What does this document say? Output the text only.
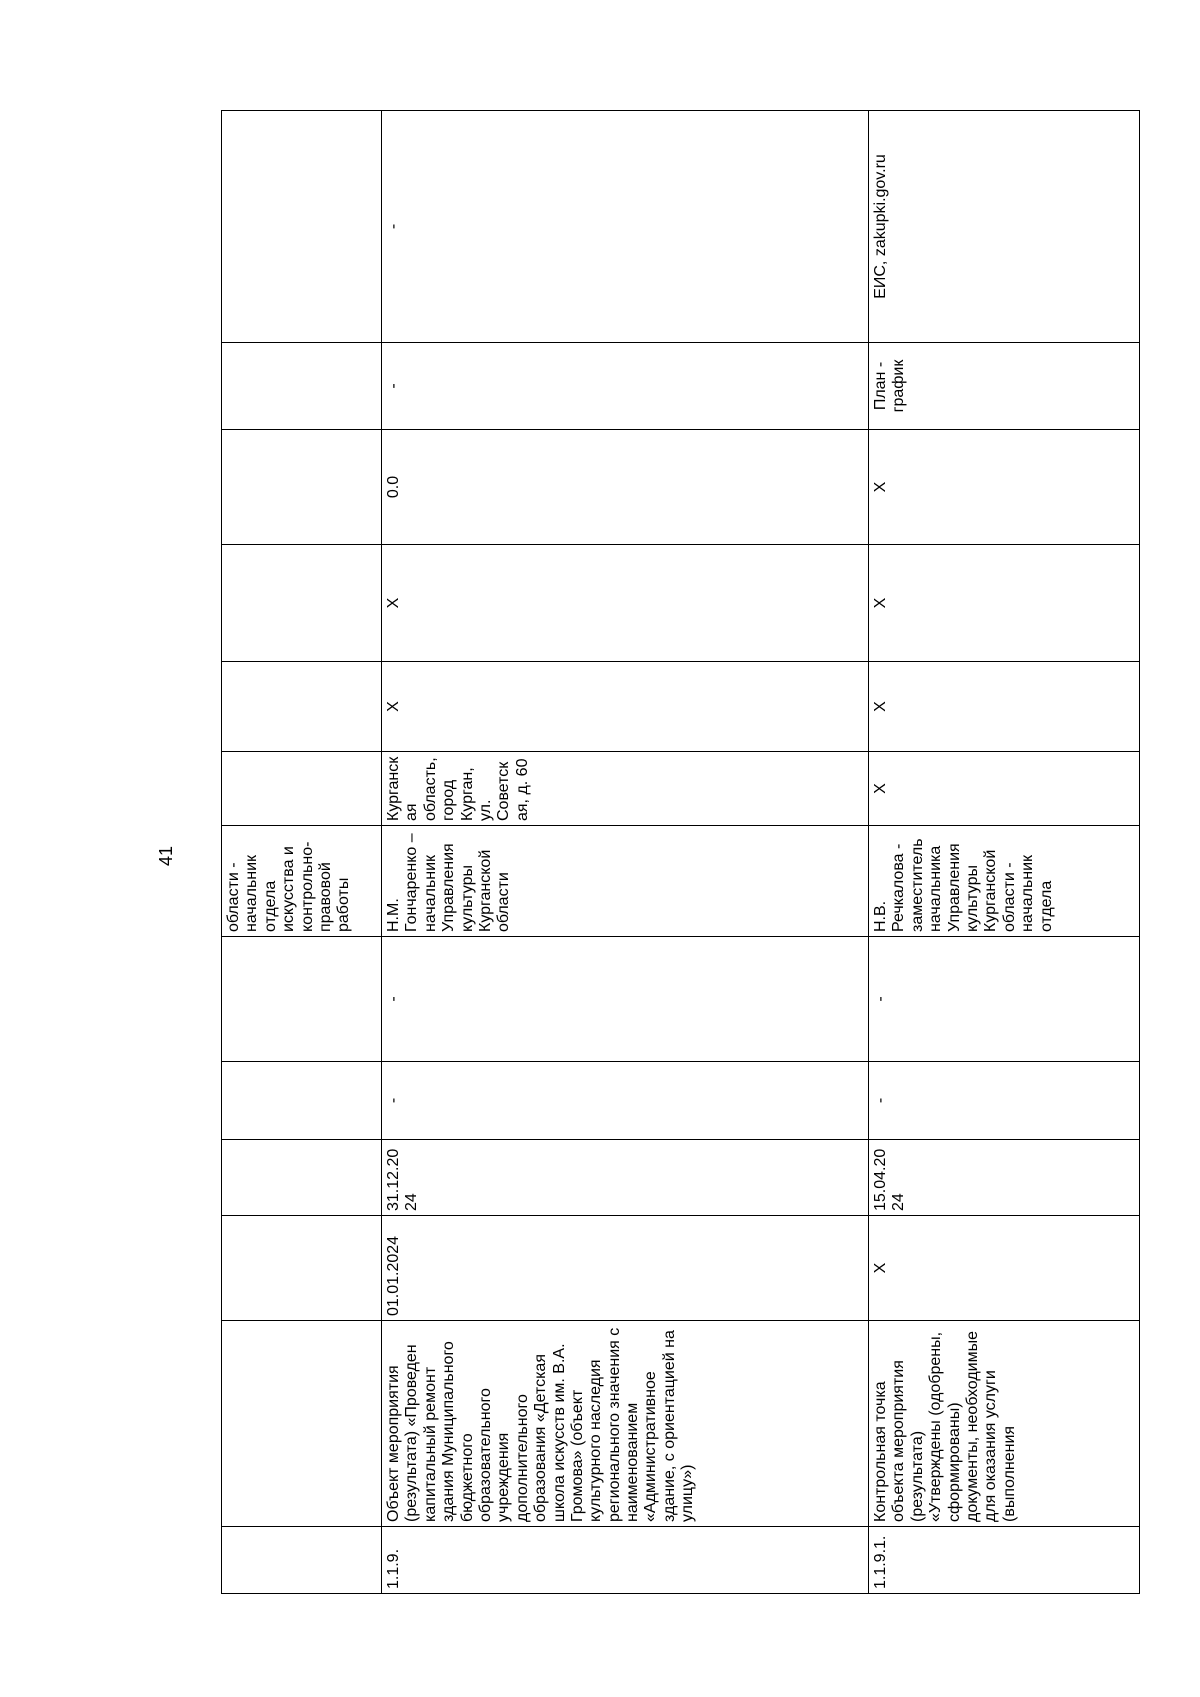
41
						области - начальник отдела искусства и контрольно-правовой работы						
1.1.9.	Объект мероприятия (результата) «Проведен капитальный ремонт здания Муниципального бюджетного образовательного учреждения дополнительного образования «Детская школа искусств им. В.А. Громова» (объект культурного наследия регионального значения с наименованием «Административное здание, с ориентацией на улицу»)	01.01.2024	31.12.2024	-	-	Н.М. Гончаренко – начальник Управления культуры Курганской области	Курганская область, город Курган, ул. Советская, д. 60	X	X	0.0	-	-
1.1.9.1.	Контрольная точка объекта мероприятия (результата) «Утверждены (одобрены, сформированы) документы, необходимые для оказания услуги (выполнения	X	15.04.2024	-	-	Н.В. Речкалова - заместитель начальника Управления культуры Курганской области - начальник отдела	X	X	X	X	План - график	ЕИС, zakupki.gov.ru
